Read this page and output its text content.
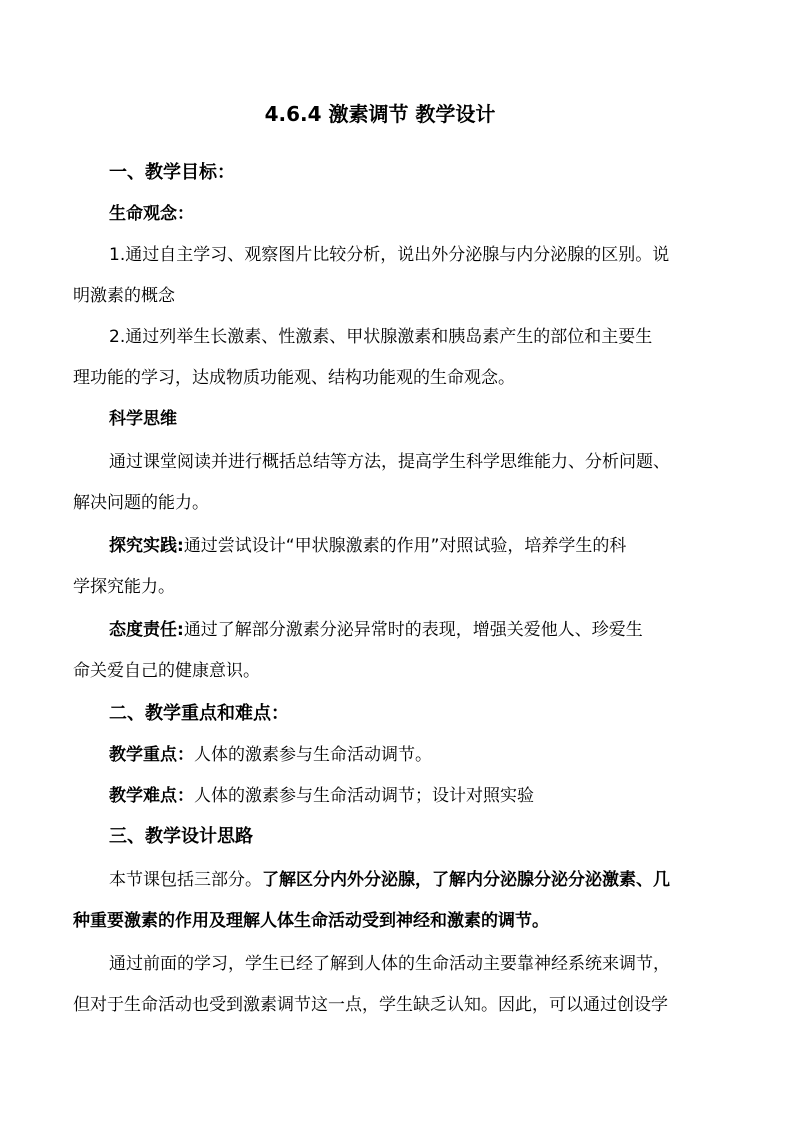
4.6.4 激素调节 教学设计
一、教学目标：
生命观念：
1.通过自主学习、观察图片比较分析，说出外分泌腺与内分泌腺的区别。说
明激素的概念
2.通过列举生长激素、性激素、甲状腺激素和胰岛素产生的部位和主要生
理功能的学习，达成物质功能观、结构功能观的生命观念。
科学思维
通过课堂阅读并进行概括总结等方法，提高学生科学思维能力、分析问题、
解决问题的能力。
探究实践:通过尝试设计“甲状腺激素的作用”对照试验，培养学生的科
学探究能力。
态度责任:通过了解部分激素分泌异常时的表现，增强关爱他人、珍爱生
命关爱自己的健康意识。
二、教学重点和难点：
教学重点：人体的激素参与生命活动调节。
教学难点：人体的激素参与生命活动调节；设计对照实验
三、教学设计思路
本节课包括三部分。了解区分内外分泌腺，了解内分泌腺分泌分泌激素、几
种重要激素的作用及理解人体生命活动受到神经和激素的调节。
通过前面的学习，学生已经了解到人体的生命活动主要靠神经系统来调节，
但对于生命活动也受到激素调节这一点，学生缺乏认知。因此，可以通过创设学
